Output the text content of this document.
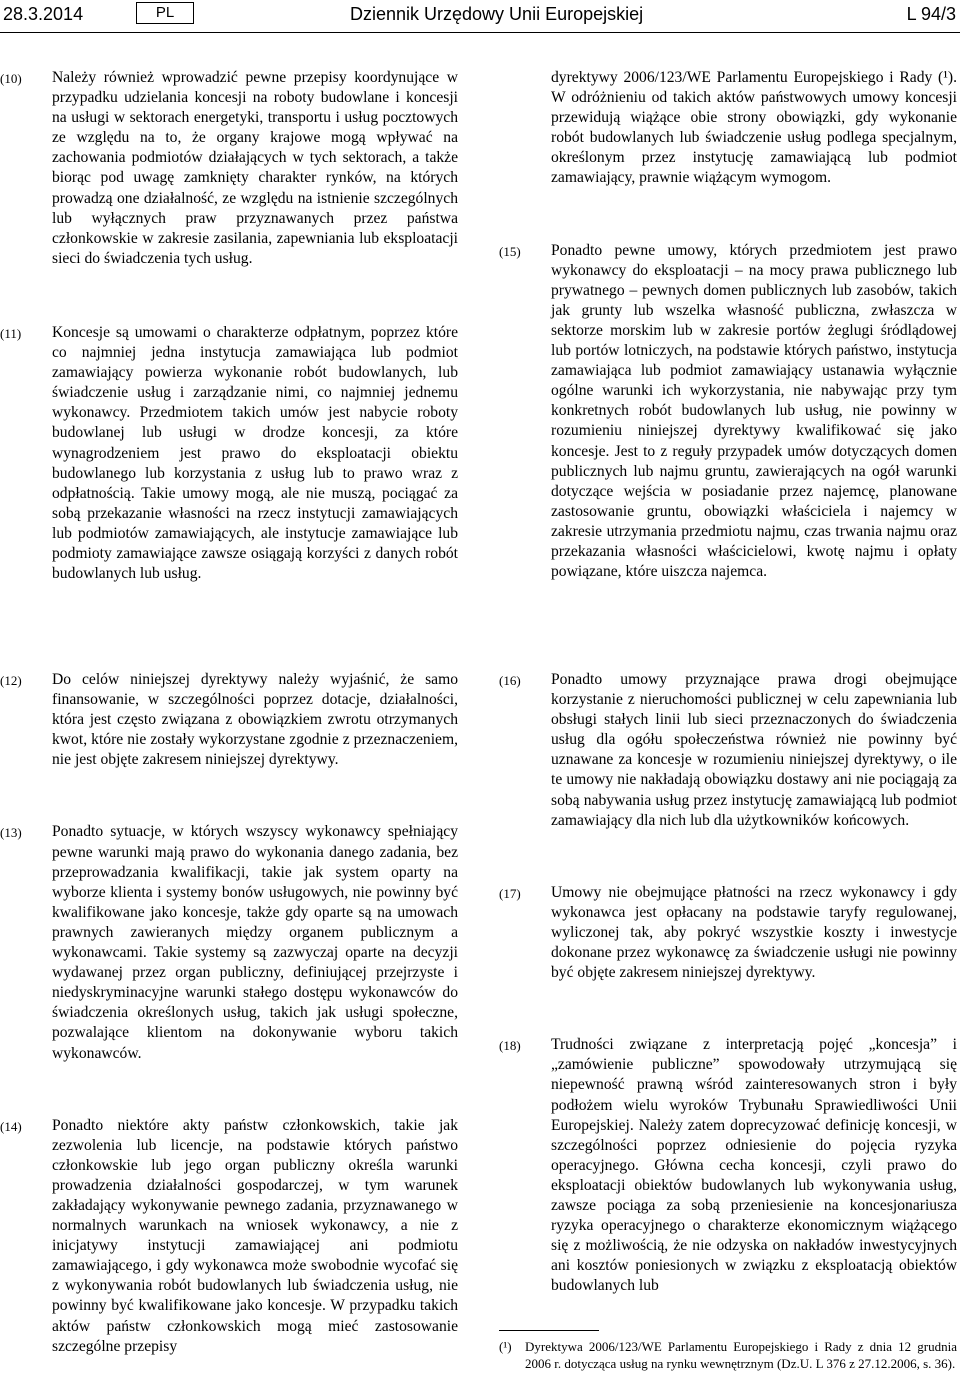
28.3.2014	PL	Dziennik Urzędowy Unii Europejskiej	L 94/3
(10)	Należy również wprowadzić pewne przepisy koordynujące w przypadku udzielania koncesji na roboty budowlane i koncesji na usługi w sektorach energetyki, transportu i usług pocztowych ze względu na to, że organy krajowe mogą wpływać na zachowania podmiotów działających w tych sektorach, a także biorąc pod uwagę zamknięty charakter rynków, na których prowadzą one działalność, ze względu na istnienie szczególnych lub wyłącznych praw przyznawanych przez państwa członkowskie w zakresie zasilania, zapewniania lub eksploatacji sieci do świadczenia tych usług.
(11)	Koncesje są umowami o charakterze odpłatnym, poprzez które co najmniej jedna instytucja zamawiająca lub podmiot zamawiający powierza wykonanie robót budowlanych, lub świadczenie usług i zarządzanie nimi, co najmniej jednemu wykonawcy. Przedmiotem takich umów jest nabycie roboty budowlanej lub usługi w drodze koncesji, za które wynagrodzeniem jest prawo do eksploatacji obiektu budowlanego lub korzystania z usług lub to prawo wraz z odpłatnością. Takie umowy mogą, ale nie muszą, pociągać za sobą przekazanie własności na rzecz instytucji zamawiających lub podmiotów zamawiających, ale instytucje zamawiające lub podmioty zamawiające zawsze osiągają korzyści z danych robót budowlanych lub usług.
dyrektywy 2006/123/WE Parlamentu Europejskiego i Rady (¹). W odróżnieniu od takich aktów państwowych umowy koncesji przewidują wiążące obie strony obowiązki, gdy wykonanie robót budowlanych lub świadczenie usług podlega specjalnym, określonym przez instytucję zamawiającą lub podmiot zamawiający, prawnie wiążącym wymogom.
(15)	Ponadto pewne umowy, których przedmiotem jest prawo wykonawcy do eksploatacji – na mocy prawa publicznego lub prywatnego – pewnych domen publicznych lub zasobów, takich jak grunty lub wszelka własność publiczna, zwłaszcza w sektorze morskim lub w zakresie portów żeglugi śródlądowej lub portów lotniczych, na podstawie których państwo, instytucja zamawiająca lub podmiot zamawiający ustanawia wyłącznie ogólne warunki ich wykorzystania, nie nabywając przy tym konkretnych robót budowlanych lub usług, nie powinny w rozumieniu niniejszej dyrektywy kwalifikować się jako koncesje. Jest to z reguły przypadek umów dotyczących domen publicznych lub najmu gruntu, zawierających na ogół warunki dotyczące wejścia w posiadanie przez najemcę, planowane zastosowanie gruntu, obowiązki właściciela i najemcy w zakresie utrzymania przedmiotu najmu, czas trwania najmu oraz przekazania własności właścicielowi, kwotę najmu i opłaty powiązane, które uiszcza najemca.
(12)	Do celów niniejszej dyrektywy należy wyjaśnić, że samo finansowanie, w szczególności poprzez dotacje, działalności, która jest często związana z obowiązkiem zwrotu otrzymanych kwot, które nie zostały wykorzystane zgodnie z przeznaczeniem, nie jest objęte zakresem niniejszej dyrektywy.
(13)	Ponadto sytuacje, w których wszyscy wykonawcy spełniający pewne warunki mają prawo do wykonania danego zadania, bez przeprowadzania kwalifikacji, takie jak system oparty na wyborze klienta i systemy bonów usługowych, nie powinny być kwalifikowane jako koncesje, także gdy oparte są na umowach prawnych zawieranych między organem publicznym a wykonawcami. Takie systemy są zazwyczaj oparte na decyzji wydawanej przez organ publiczny, definiującej przejrzyste i niedyskryminacyjne warunki stałego dostępu wykonawców do świadczenia określonych usług, takich jak usługi społeczne, pozwalające klientom na dokonywanie wyboru takich wykonawców.
(14)	Ponadto niektóre akty państw członkowskich, takie jak zezwolenia lub licencje, na podstawie których państwo członkowskie lub jego organ publiczny określa warunki prowadzenia działalności gospodarczej, w tym warunek zakładający wykonywanie pewnego zadania, przyznawanego w normalnych warunkach na wniosek wykonawcy, a nie z inicjatywy instytucji zamawiającej ani podmiotu zamawiającego, i gdy wykonawca może swobodnie wycofać się z wykonywania robót budowlanych lub świadczenia usług, nie powinny być kwalifikowane jako koncesje. W przypadku takich aktów państw członkowskich mogą mieć zastosowanie szczególne przepisy
(16)	Ponadto umowy przyznające prawa drogi obejmujące korzystanie z nieruchomości publicznej w celu zapewniania lub obsługi stałych linii lub sieci przeznaczonych do świadczenia usług dla ogółu społeczeństwa również nie powinny być uznawane za koncesje w rozumieniu niniejszej dyrektywy, o ile te umowy nie nakładają obowiązku dostawy ani nie pociągają za sobą nabywania usług przez instytucję zamawiającą lub podmiot zamawiający dla nich lub dla użytkowników końcowych.
(17)	Umowy nie obejmujące płatności na rzecz wykonawcy i gdy wykonawca jest opłacany na podstawie taryfy regulowanej, wyliczonej tak, aby pokryć wszystkie koszty i inwestycje dokonane przez wykonawcę za świadczenie usługi nie powinny być objęte zakresem niniejszej dyrektywy.
(18)	Trudności związane z interpretacją pojęć „koncesja” i „zamówienie publiczne” spowodowały utrzymującą się niepewność prawną wśród zainteresowanych stron i były podłożem wielu wyroków Trybunału Sprawiedliwości Unii Europejskiej. Należy zatem doprecyzować definicję koncesji, w szczególności poprzez odniesienie do pojęcia ryzyka operacyjnego. Główna cecha koncesji, czyli prawo do eksploatacji obiektów budowlanych lub wykonywania usług, zawsze pociąga za sobą przeniesienie na koncesjonariusza ryzyka operacyjnego o charakterze ekonomicznym wiążącego się z możliwością, że nie odzyska on nakładów inwestycyjnych ani kosztów poniesionych w związku z eksploatacją obiektów budowlanych lub
(¹)	Dyrektywa 2006/123/WE Parlamentu Europejskiego i Rady z dnia 12 grudnia 2006 r. dotycząca usług na rynku wewnętrznym (Dz.U. L 376 z 27.12.2006, s. 36).
